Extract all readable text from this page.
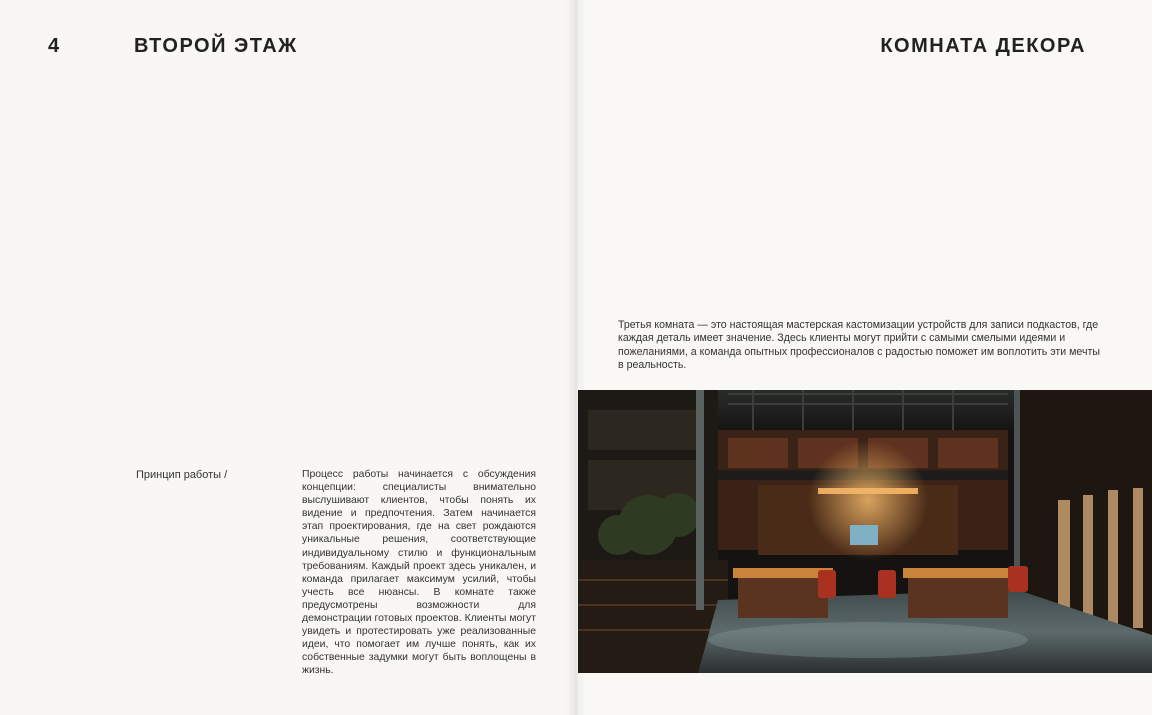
4	ВТОРОЙ ЭТАЖ
Принцип работы /	Процесс работы начинается с обсуждения концепции: специалисты внимательно выслушивают клиентов, чтобы понять их видение и предпочтения. Затем начинается этап проектирования, где на свет рождаются уникальные решения, соответствующие индивидуальному стилю и функциональным требованиям. Каждый проект здесь уникален, и команда прилагает максимум усилий, чтобы учесть все нюансы. В комнате также предусмотрены возможности для демонстрации готовых проектов. Клиенты могут увидеть и протестировать уже реализованные идеи, что помогает им лучше понять, как их собственные задумки могут быть воплощены в жизнь.
КОМНАТА ДЕКОРА
Третья комната — это настоящая мастерская кастомизации устройств для записи подкастов, где каждая деталь имеет значение. Здесь клиенты могут прийти с самыми смелыми идеями и пожеланиями, а команда опытных профессионалов с радостью поможет им воплотить эти мечты в реальность.
